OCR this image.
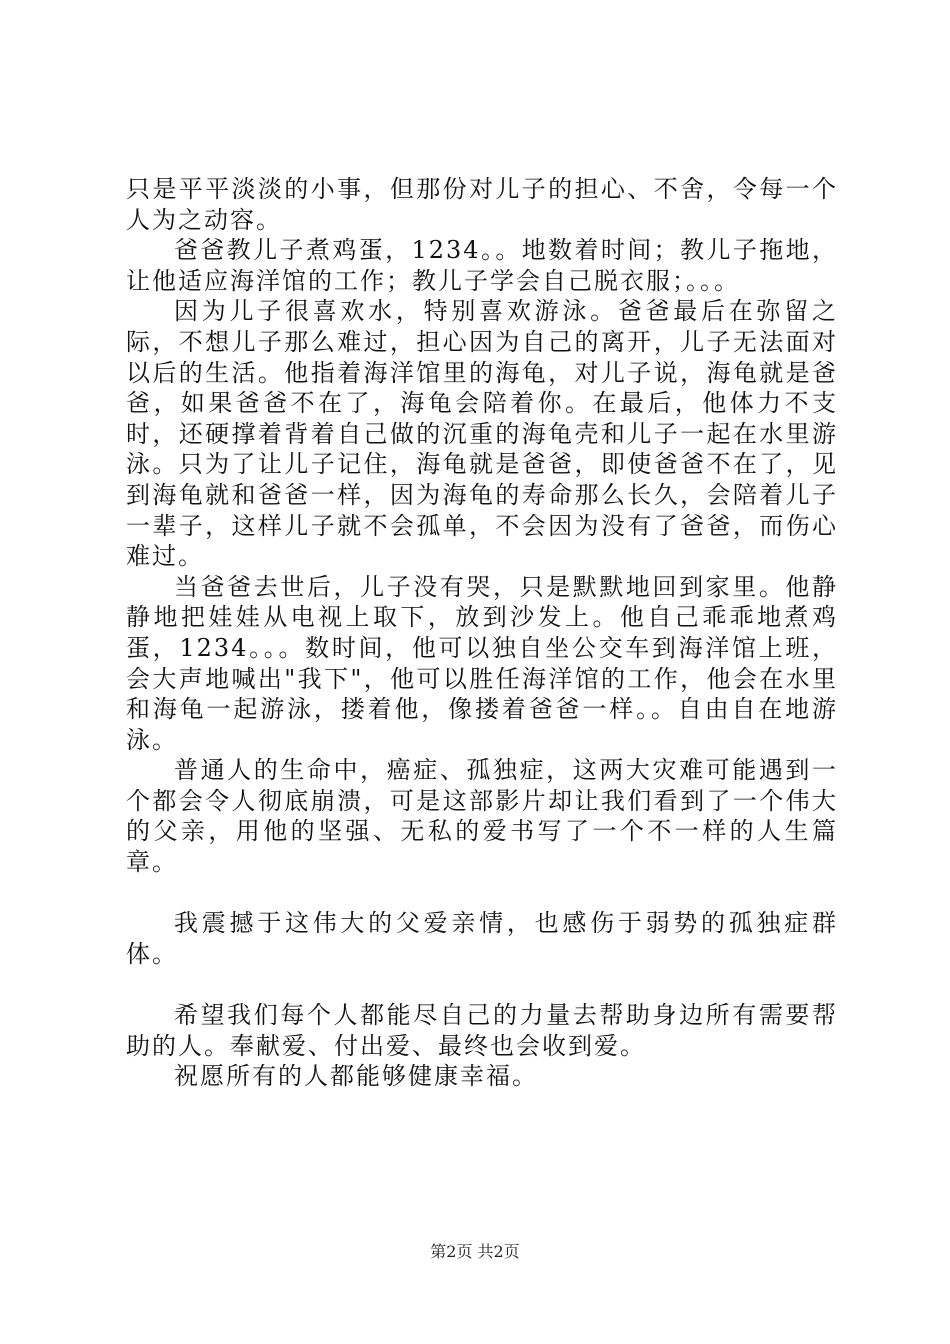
只是平平淡淡的小事，但那份对儿子的担心、不舍，令每一个人为之动容。

爸爸教儿子煮鸡蛋，1234。。地数着时间；教儿子拖地，让他适应海洋馆的工作；教儿子学会自己脱衣服；。。。

因为儿子很喜欢水，特别喜欢游泳。爸爸最后在弥留之际，不想儿子那么难过，担心因为自己的离开，儿子无法面对以后的生活。他指着海洋馆里的海龟，对儿子说，海龟就是爸爸，如果爸爸不在了，海龟会陪着你。在最后，他体力不支时，还硬撑着背着自己做的沉重的海龟壳和儿子一起在水里游泳。只为了让儿子记住，海龟就是爸爸，即使爸爸不在了，见到海龟就和爸爸一样，因为海龟的寿命那么长久，会陪着儿子一辈子，这样儿子就不会孤单，不会因为没有了爸爸，而伤心难过。

当爸爸去世后，儿子没有哭，只是默默地回到家里。他静静地把娃娃从电视上取下，放到沙发上。他自己乖乖地煮鸡蛋，1234。。。数时间，他可以独自坐公交车到海洋馆上班，会大声地喊出"我下"，他可以胜任海洋馆的工作，他会在水里和海龟一起游泳，搂着他，像搂着爸爸一样。。自由自在地游泳。

普通人的生命中，癌症、孤独症，这两大灾难可能遇到一个都会令人彻底崩溃，可是这部影片却让我们看到了一个伟大的父亲，用他的坚强、无私的爱书写了一个不一样的人生篇章。

我震撼于这伟大的父爱亲情，也感伤于弱势的孤独症群体。

希望我们每个人都能尽自己的力量去帮助身边所有需要帮助的人。奉献爱、付出爱、最终也会收到爱。

祝愿所有的人都能够健康幸福。

第2页 共2页
